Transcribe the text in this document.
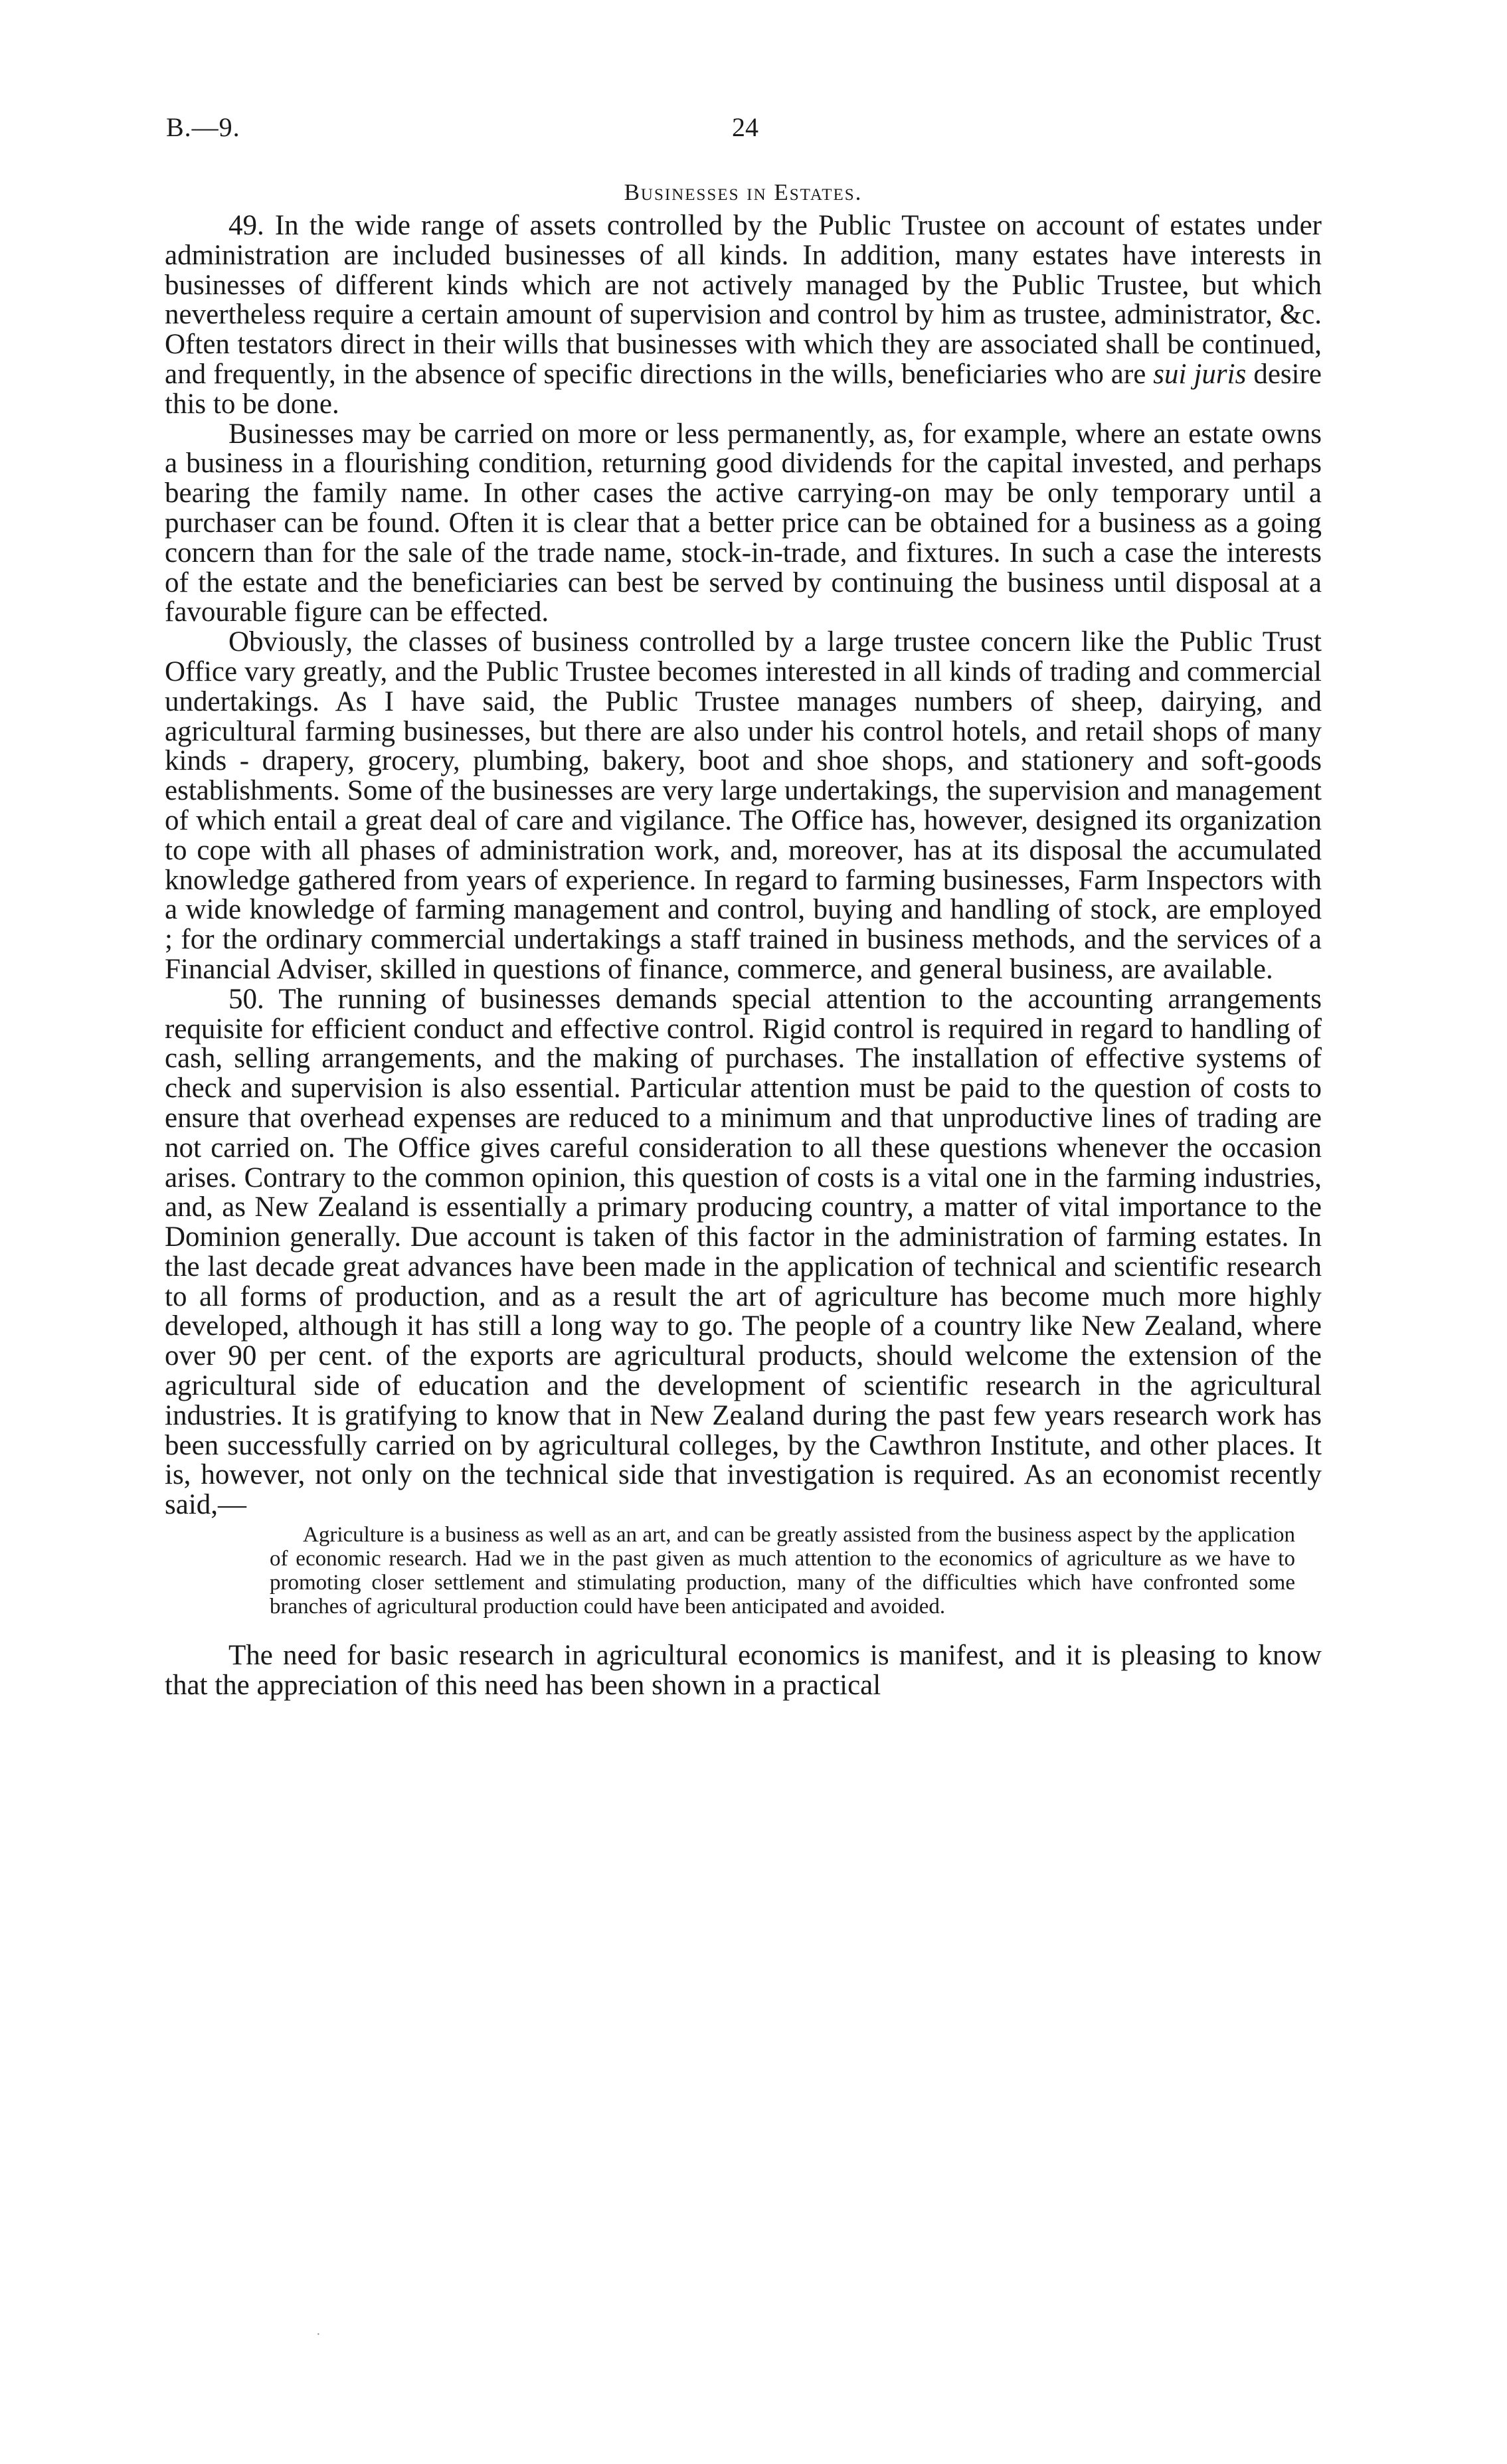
B.—9.	24
Businesses in Estates.

49. In the wide range of assets controlled by the Public Trustee on account of estates under administration are included businesses of all kinds. In addition, many estates have interests in businesses of different kinds which are not actively managed by the Public Trustee, but which nevertheless require a certain amount of supervision and control by him as trustee, administrator, &c. Often testators direct in their wills that businesses with which they are associated shall be continued, and frequently, in the absence of specific directions in the wills, beneficiaries who are sui juris desire this to be done.

Businesses may be carried on more or less permanently, as, for example, where an estate owns a business in a flourishing condition, returning good dividends for the capital invested, and perhaps bearing the family name. In other cases the active carrying-on may be only temporary until a purchaser can be found. Often it is clear that a better price can be obtained for a business as a going concern than for the sale of the trade name, stock-in-trade, and fixtures. In such a case the interests of the estate and the beneficiaries can best be served by continuing the business until disposal at a favourable figure can be effected.

Obviously, the classes of business controlled by a large trustee concern like the Public Trust Office vary greatly, and the Public Trustee becomes interested in all kinds of trading and commercial undertakings. As I have said, the Public Trustee manages numbers of sheep, dairying, and agricultural farming businesses, but there are also under his control hotels, and retail shops of many kinds - drapery, grocery, plumbing, bakery, boot and shoe shops, and stationery and soft-goods establishments. Some of the businesses are very large undertakings, the supervision and management of which entail a great deal of care and vigilance. The Office has, however, designed its organization to cope with all phases of administration work, and, moreover, has at its disposal the accumulated knowledge gathered from years of experience. In regard to farming businesses, Farm Inspectors with a wide knowledge of farming management and control, buying and handling of stock, are employed ; for the ordinary commercial undertakings a staff trained in business methods, and the services of a Financial Adviser, skilled in questions of finance, commerce, and general business, are available.

50. The running of businesses demands special attention to the accounting arrangements requisite for efficient conduct and effective control. Rigid control is required in regard to handling of cash, selling arrangements, and the making of purchases. The installation of effective systems of check and supervision is also essential. Particular attention must be paid to the question of costs to ensure that overhead expenses are reduced to a minimum and that unproductive lines of trading are not carried on. The Office gives careful consideration to all these questions whenever the occasion arises. Contrary to the common opinion, this question of costs is a vital one in the farming industries, and, as New Zealand is essentially a primary producing country, a matter of vital importance to the Dominion generally. Due account is taken of this factor in the administration of farming estates. In the last decade great advances have been made in the application of technical and scientific research to all forms of production, and as a result the art of agriculture has become much more highly developed, although it has still a long way to go. The people of a country like New Zealand, where over 90 per cent. of the exports are agricultural products, should welcome the extension of the agricultural side of education and the development of scientific research in the agricultural industries. It is gratifying to know that in New Zealand during the past few years research work has been successfully carried on by agricultural colleges, by the Cawthron Institute, and other places. It is, however, not only on the technical side that investigation is required. As an economist recently said,—

Agriculture is a business as well as an art, and can be greatly assisted from the business aspect by the application of economic research. Had we in the past given as much attention to the economics of agriculture as we have to promoting closer settlement and stimulating production, many of the difficulties which have confronted some branches of agricultural production could have been anticipated and avoided.

The need for basic research in agricultural economics is manifest, and it is pleasing to know that the appreciation of this need has been shown in a practical

·
